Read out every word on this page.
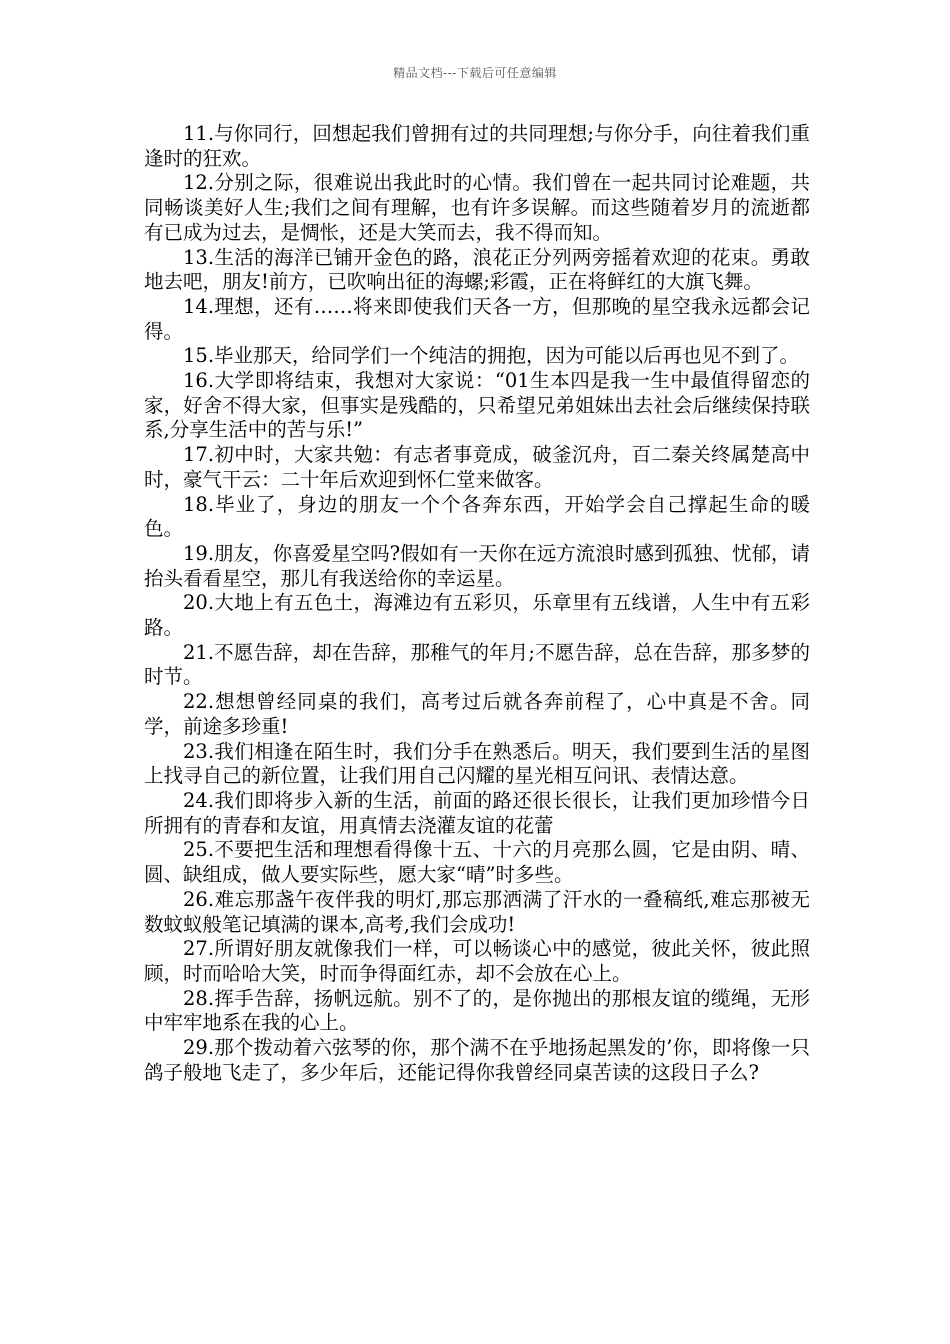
精品文档---下载后可任意编辑

11.与你同行，回想起我们曾拥有过的共同理想;与你分手，向往着我们重逢时的狂欢。

12.分别之际，很难说出我此时的心情。我们曾在一起共同讨论难题，共同畅谈美好人生;我们之间有理解，也有许多误解。而这些随着岁月的流逝都有已成为过去，是惆怅，还是大笑而去，我不得而知。

13.生活的海洋已铺开金色的路，浪花正分列两旁摇着欢迎的花束。勇敢地去吧，朋友!前方，已吹响出征的海螺;彩霞，正在将鲜红的大旗飞舞。

14.理想，还有……将来即使我们天各一方，但那晚的星空我永远都会记得。

15.毕业那天，给同学们一个纯洁的拥抱，因为可能以后再也见不到了。

16.大学即将结束，我想对大家说：“01生本四是我一生中最值得留恋的家，好舍不得大家，但事实是残酷的，只希望兄弟姐妹出去社会后继续保持联系,分享生活中的苦与乐!”

17.初中时，大家共勉：有志者事竟成，破釜沉舟，百二秦关终属楚高中时，豪气干云：二十年后欢迎到怀仁堂来做客。

18.毕业了，身边的朋友一个个各奔东西，开始学会自己撑起生命的暖色。

19.朋友，你喜爱星空吗?假如有一天你在远方流浪时感到孤独、忧郁，请抬头看看星空，那儿有我送给你的幸运星。

20.大地上有五色土，海滩边有五彩贝，乐章里有五线谱，人生中有五彩路。

21.不愿告辞，却在告辞，那稚气的年月;不愿告辞，总在告辞，那多梦的时节。

22.想想曾经同桌的我们，高考过后就各奔前程了，心中真是不舍。同学，前途多珍重!

23.我们相逢在陌生时，我们分手在熟悉后。明天，我们要到生活的星图上找寻自己的新位置，让我们用自己闪耀的星光相互问讯、表情达意。

24.我们即将步入新的生活，前面的路还很长很长，让我们更加珍惜今日所拥有的青春和友谊，用真情去浇灌友谊的花蕾

25.不要把生活和理想看得像十五、十六的月亮那么圆，它是由阴、晴、圆、缺组成，做人要实际些，愿大家“晴”时多些。

26.难忘那盏午夜伴我的明灯,那忘那洒满了汗水的一叠稿纸,难忘那被无数蚊蚁般笔记填满的课本,高考,我们会成功!

27.所谓好朋友就像我们一样，可以畅谈心中的感觉，彼此关怀，彼此照顾，时而哈哈大笑，时而争得面红赤，却不会放在心上。

28.挥手告辞，扬帆远航。别不了的，是你抛出的那根友谊的缆绳，无形中牢牢地系在我的心上。

29.那个拨动着六弦琴的你，那个满不在乎地扬起黑发的’你，即将像一只鸽子般地飞走了，多少年后，还能记得你我曾经同桌苦读的这段日子么?
